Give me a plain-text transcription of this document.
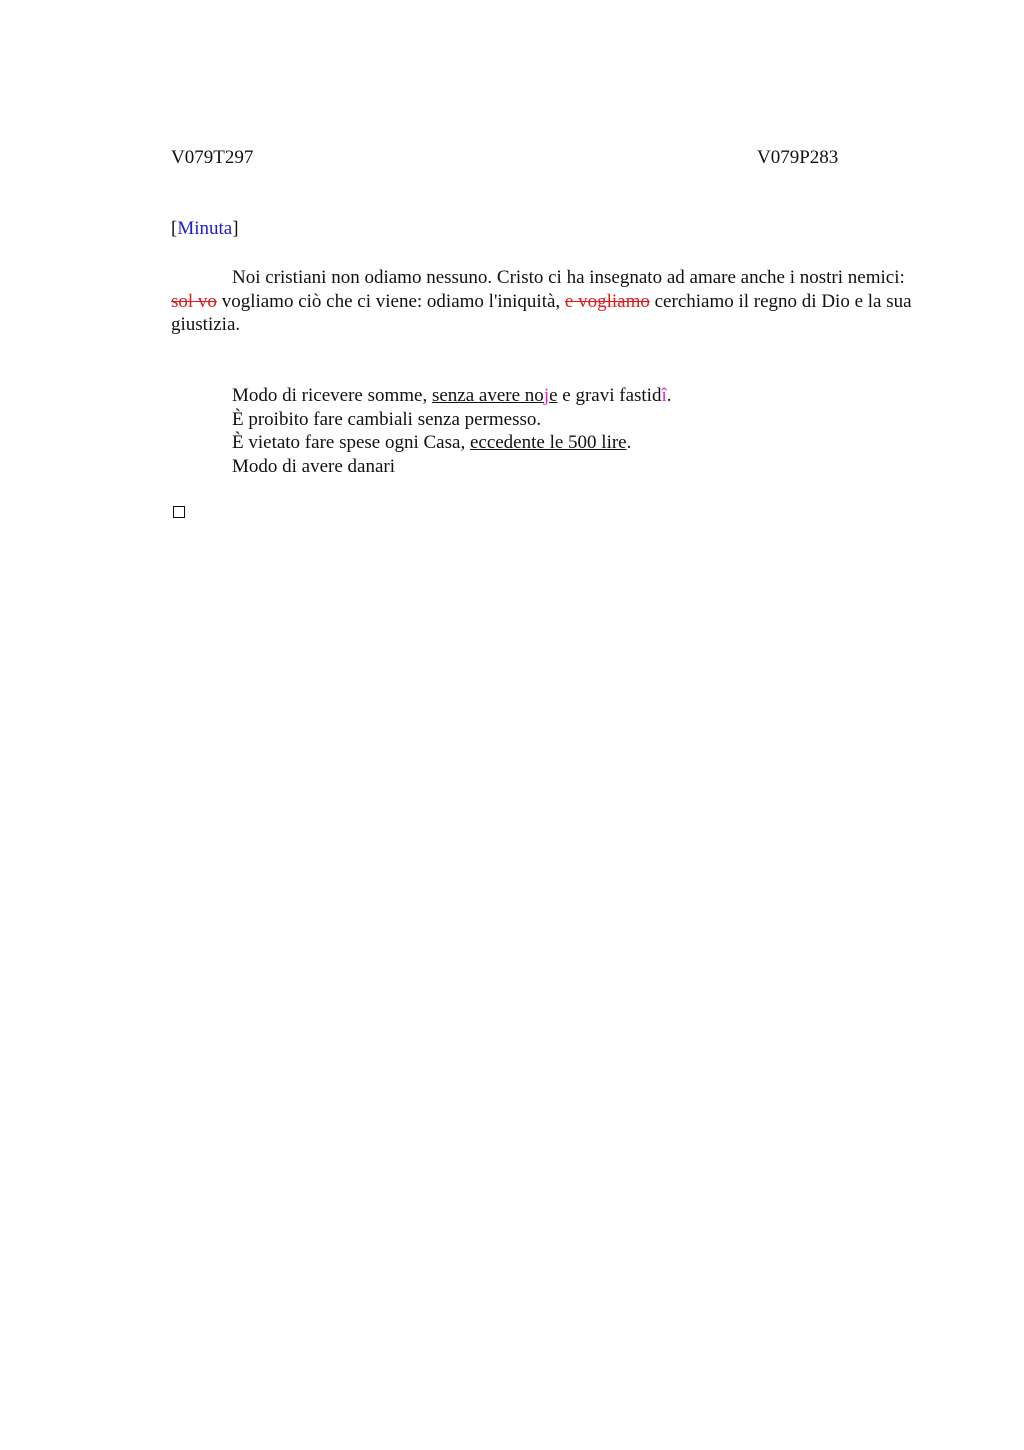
V079T297	V079P283
[Minuta]

Noi cristiani non odiamo nessuno. Cristo ci ha insegnato ad amare anche i nostri nemici: sol vo vogliamo ciò che ci viene: odiamo l'iniquità, e vogliamo cerchiamo il regno di Dio e la sua giustizia.

Modo di ricevere somme, senza avere noje e gravi fastidî.
È proibito fare cambiali senza permesso.
È vietato fare spese ogni Casa, eccedente le 500 lire.
Modo di avere danari
